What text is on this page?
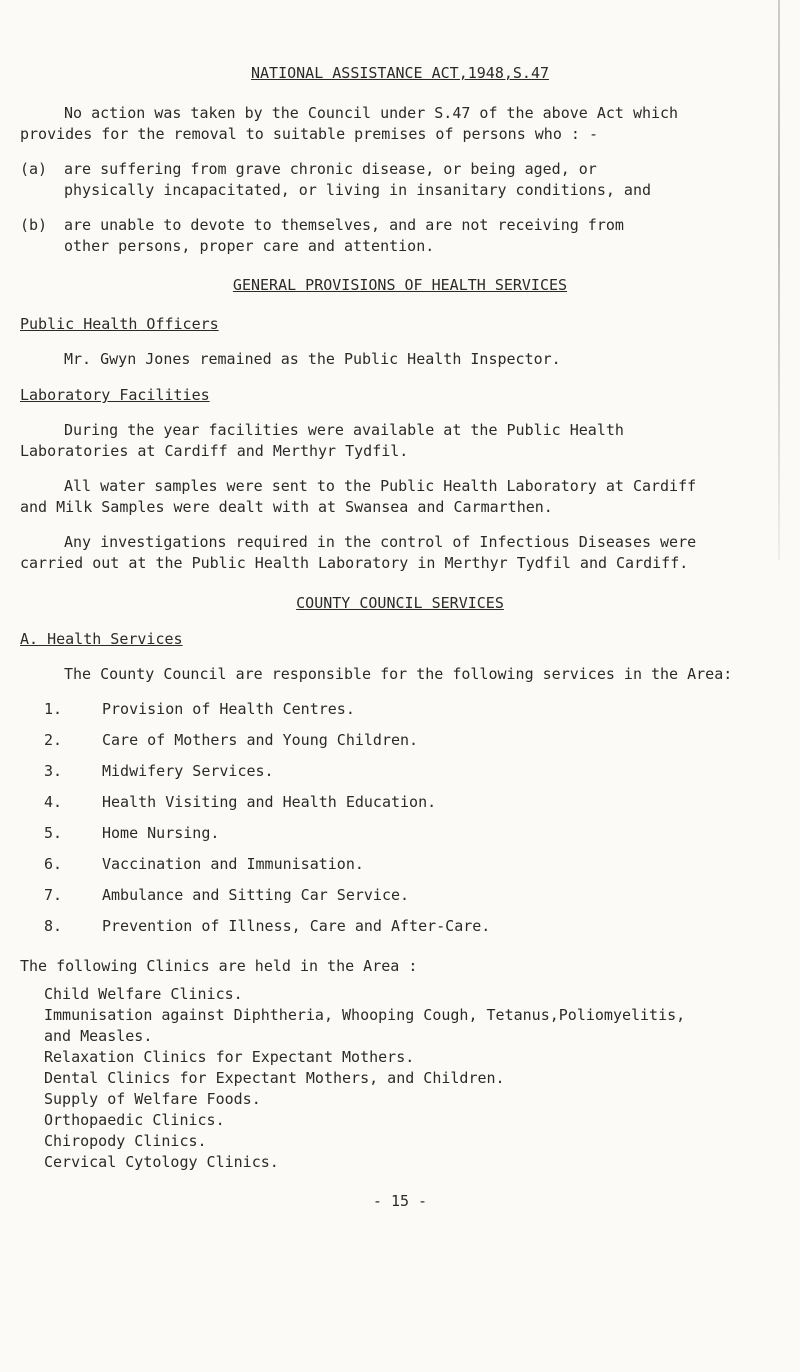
NATIONAL ASSISTANCE ACT,1948,S.47
No action was taken by the Council under S.47 of the above Act which
provides for the removal to suitable premises of persons who : -
(a) are suffering from grave chronic disease, or being aged, or
physically incapacitated, or living in insanitary conditions, and
(b) are unable to devote to themselves, and are not receiving from
other persons, proper care and attention.
GENERAL PROVISIONS OF HEALTH SERVICES
Public Health Officers
Mr. Gwyn Jones remained as the Public Health Inspector.
Laboratory Facilities
During the year facilities were available at the Public Health
Laboratories at Cardiff and Merthyr Tydfil.
All water samples were sent to the Public Health Laboratory at Cardiff
and Milk Samples were dealt with at Swansea and Carmarthen.
Any investigations required in the control of Infectious Diseases were
carried out at the Public Health Laboratory in Merthyr Tydfil and Cardiff.
COUNTY COUNCIL SERVICES
A. Health Services
The County Council are responsible for the following services in the Area:
1.	Provision of Health Centres.
2.	Care of Mothers and Young Children.
3.	Midwifery Services.
4.	Health Visiting and Health Education.
5.	Home Nursing.
6.	Vaccination and Immunisation.
7.	Ambulance and Sitting Car Service.
8.	Prevention of Illness, Care and After-Care.
The following Clinics are held in the Area :
Child Welfare Clinics.
Immunisation against Diphtheria, Whooping Cough, Tetanus,Poliomyelitis,
and Measles.
Relaxation Clinics for Expectant Mothers.
Dental Clinics for Expectant Mothers, and Children.
Supply of Welfare Foods.
Orthopaedic Clinics.
Chiropody Clinics.
Cervical Cytology Clinics.
- 15 -
